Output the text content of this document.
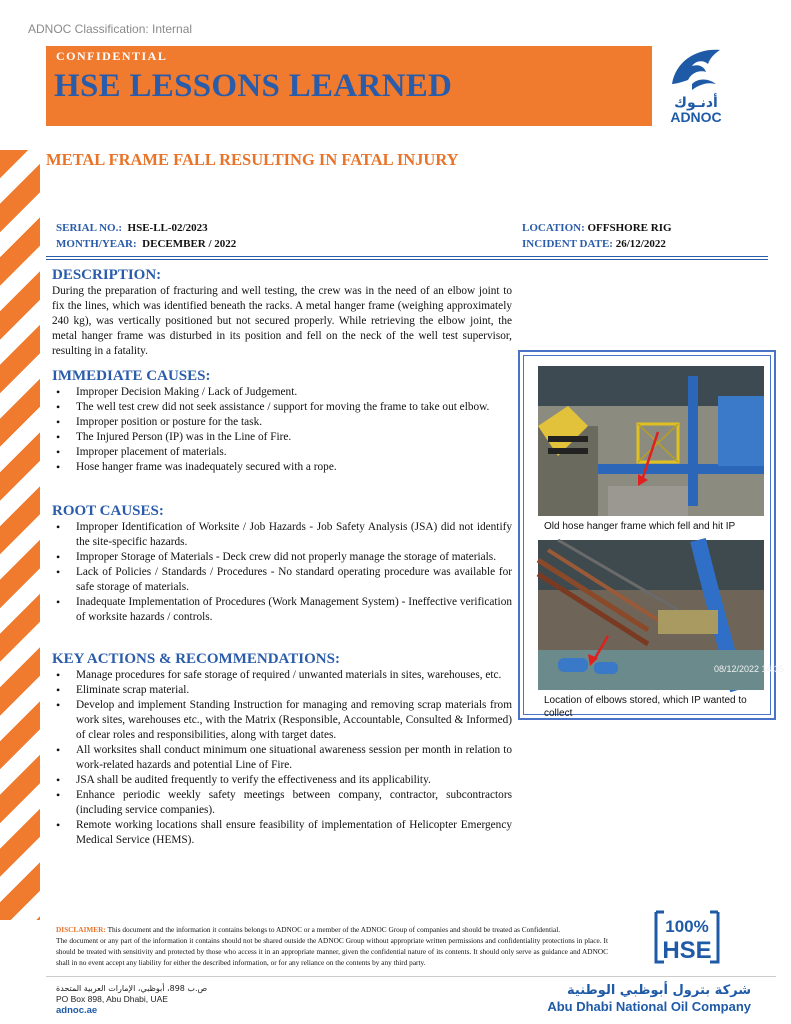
ADNOC Classification: Internal
CONFIDENTIAL
HSE LESSONS LEARNED	أدنـوك
ADNOC
METAL FRAME FALL RESULTING IN FATAL INJURY
SERIAL NO.: HSE-LL-02/2023
MONTH/YEAR: DECEMBER / 2022
LOCATION: OFFSHORE RIG
INCIDENT DATE: 26/12/2022
DESCRIPTION:
During the preparation of fracturing and well testing, the crew was in the need of an elbow joint to fix the lines, which was identified beneath the racks. A metal hanger frame (weighing approximately 240 kg), was vertically positioned but not secured properly. While retrieving the elbow joint, the metal hanger frame was disturbed in its position and fell on the neck of the well test supervisor, resulting in a fatality.
IMMEDIATE CAUSES:
• Improper Decision Making / Lack of Judgement.
• The well test crew did not seek assistance / support for moving the frame to take out elbow.
• Improper position or posture for the task.
• The Injured Person (IP) was in the Line of Fire.
• Improper placement of materials.
• Hose hanger frame was inadequately secured with a rope.
ROOT CAUSES:
• Improper Identification of Worksite / Job Hazards - Job Safety Analysis (JSA) did not identify the site-specific hazards.
• Improper Storage of Materials - Deck crew did not properly manage the storage of materials.
• Lack of Policies / Standards / Procedures - No standard operating procedure was available for safe storage of materials.
• Inadequate Implementation of Procedures (Work Management System) - Ineffective verification of worksite hazards / controls.
KEY ACTIONS & RECOMMENDATIONS:
• Manage procedures for safe storage of required / unwanted materials in sites, warehouses, etc.
• Eliminate scrap material.
• Develop and implement Standing Instruction for managing and removing scrap materials from work sites, warehouses etc., with the Matrix (Responsible, Accountable, Consulted & Informed) of clear roles and responsibilities, along with target dates.
• All worksites shall conduct minimum one situational awareness session per month in relation to work-related hazards and potential Line of Fire.
• JSA shall be audited frequently to verify the effectiveness and its applicability.
• Enhance periodic weekly safety meetings between company, contractor, subcontractors (including service companies).
• Remote working locations shall ensure feasibility of implementation of Helicopter Emergency Medical Service (HEMS).
Old hose hanger frame which fell and hit IP
08/12/2022 14:35
Location of elbows stored, which IP wanted to collect
DISCLAIMER: This document and the information it contains belongs to ADNOC or a member of the ADNOC Group of companies and should be treated as Confidential.
The document or any part of the information it contains should not be shared outside the ADNOC Group without appropriate written permissions and confidentiality protections in place. It should be treated with sensitivity and protected by those who access it in an appropriate manner, given the confidential nature of its contents. It should only serve as guidance and ADNOC shall in no event accept any liability for either the described information, or for any reliance on the contents by any third party.
100%
HSE
ص.ب 898، أبوظبي، الإمارات العربية المتحدة
PO Box 898, Abu Dhabi, UAE
adnoc.ae
شركة بترول أبوظبي الوطنية
Abu Dhabi National Oil Company
